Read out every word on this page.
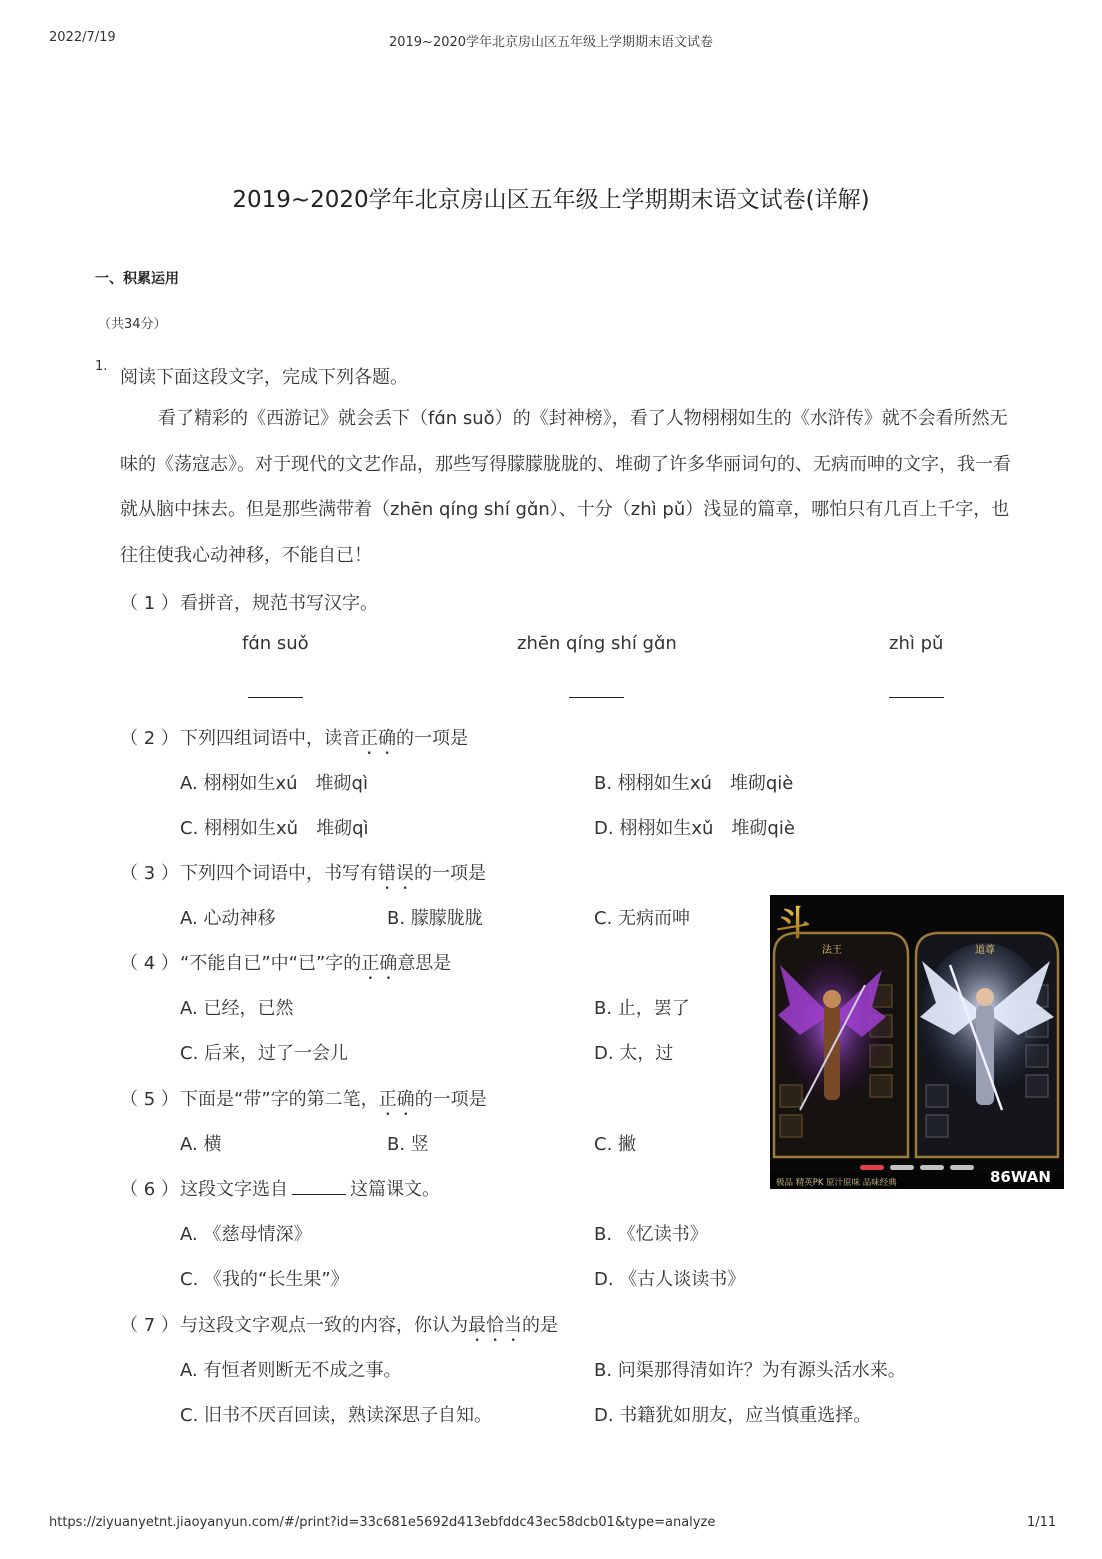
2022/7/19	2019~2020学年北京房山区五年级上学期期末语文试卷
2019~2020学年北京房山区五年级上学期期末语文试卷(详解)
一、积累运用
（共34分）
1.
阅读下面这段文字，完成下列各题。

看了精彩的《西游记》就会丢下（fɑ́n suǒ）的《封神榜》，看了人物栩栩如生的《水浒传》就不会看所然无味的《荡寇志》。对于现代的文艺作品，那些写得朦朦胧胧的、堆砌了许多华丽词句的、无病而呻的文字，我一看就从脑中抹去。但是那些满带着（zhēn qíng shí gɑ̌n）、十分（zhì pǔ）浅显的篇章，哪怕只有几百上千字，也往往使我心动神移，不能自已！

（ 1 ） 看拼音，规范书写汉字。
fɑ́n suǒ	zhēn qíng shí gɑ̌n	zhì pǔ
（ 2 ） 下列四组词语中，读音正确的一项是
A. 栩栩如生xú 堆砌qì	B. 栩栩如生xú 堆砌qiè
C. 栩栩如生xǔ 堆砌qì	D. 栩栩如生xǔ 堆砌qiè
（ 3 ） 下列四个词语中，书写有错误的一项是
A. 心动神移	B. 朦朦胧胧	C. 无病而呻
（ 4 ） “不能自已”中“已”字的正确意思是
A. 已经，已然	B. 止，罢了
C. 后来，过了一会儿	D. 太，过
（ 5 ） 下面是“带”字的第二笔，正确的一项是
A. 横	B. 竖	C. 撇
（ 6 ） 这段文字选自	这篇课文。
A. 《慈母情深》	B. 《忆读书》
C. 《我的“长生果”》	D. 《古人谈读书》
（ 7 ） 与这段文字观点一致的内容，你认为最恰当的是
A. 有恒者则断无不成之事。	B. 问渠那得清如许？为有源头活水来。
C. 旧书不厌百回读，熟读深思子自知。	D. 书籍犹如朋友，应当慎重选择。
法王	道尊
斗
极品 精英PK 原汁原味 品味经典	86WAN
https://ziyuanyetnt.jiaoyanyun.com/#/print?id=33c681e5692d413ebfddc43ec58dcb01&type=analyze	1/11
